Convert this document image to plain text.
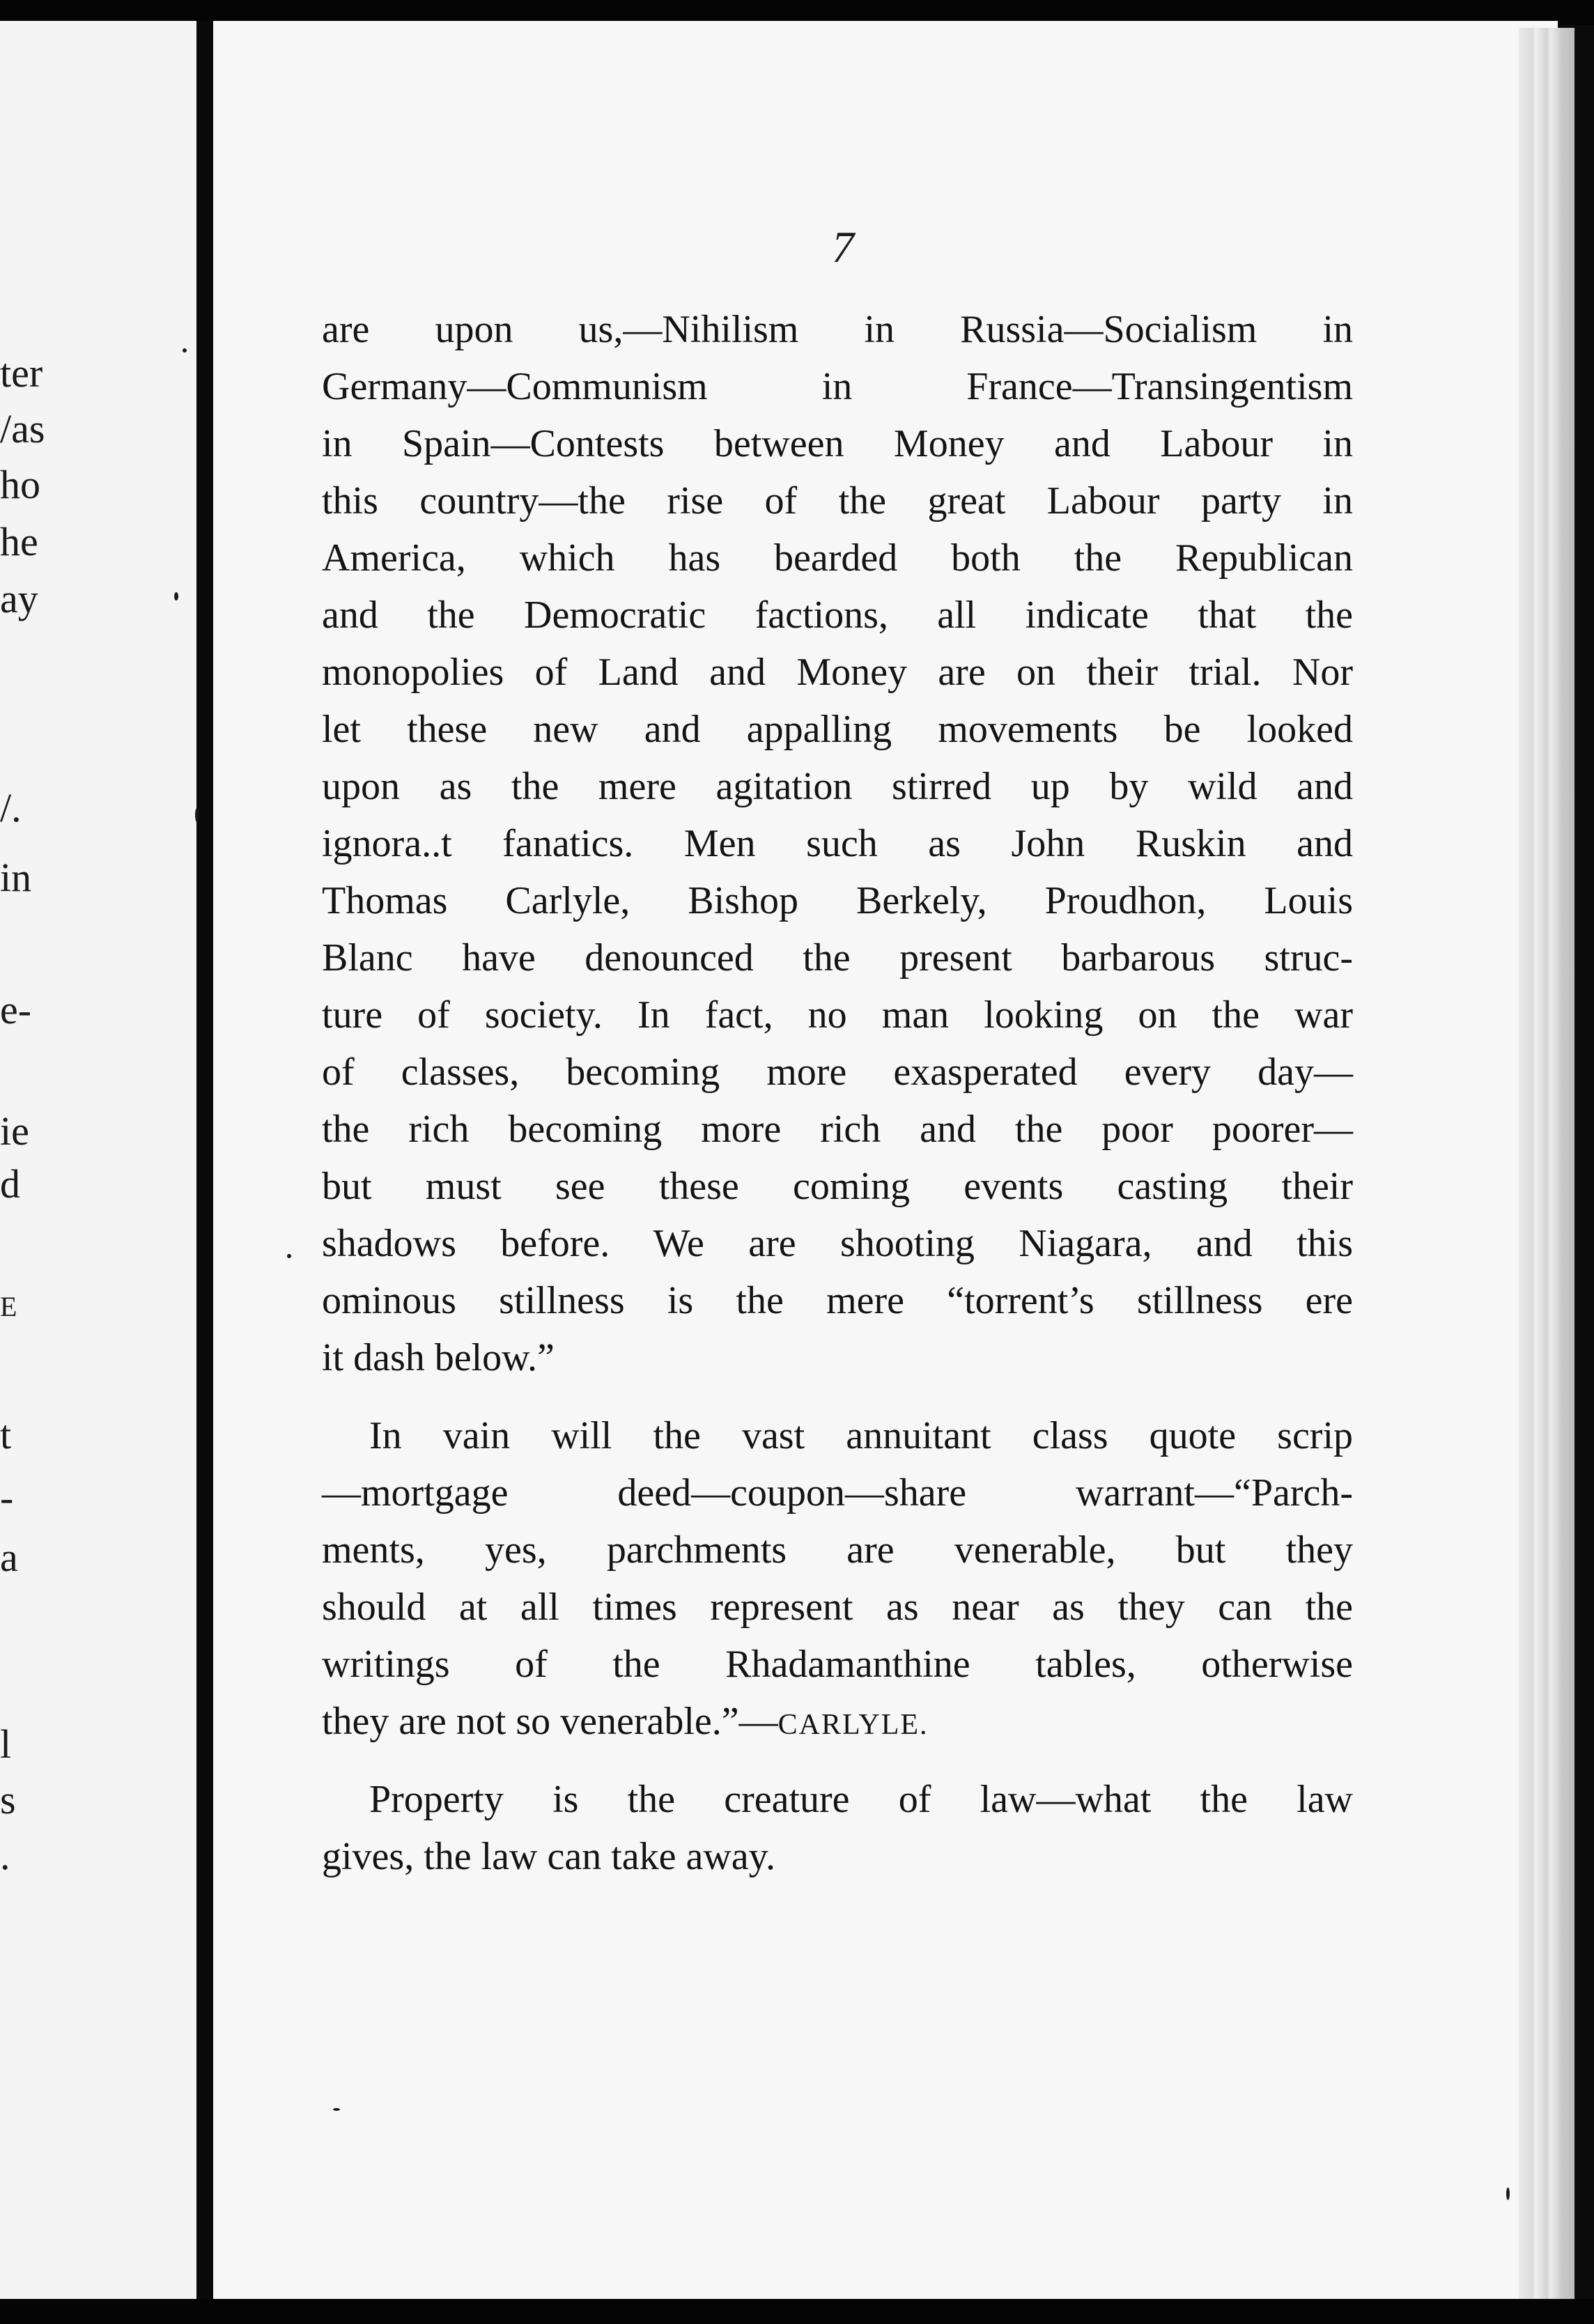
ter
/as
ho
he
ay
/.
in
e-
ie
d
E
t
-
a
l
s
.
7
are upon us,—Nihilism in Russia—Socialism in
Germany—Communism in France—Transingentism
in Spain—Contests between Money and Labour in
this country—the rise of the great Labour party in
America, which has bearded both the Republican
and the Democratic factions, all indicate that the
monopolies of Land and Money are on their trial. Nor
let these new and appalling movements be looked
upon as the mere agitation stirred up by wild and
ignora..t fanatics. Men such as John Ruskin and
Thomas Carlyle, Bishop Berkely, Proudhon, Louis
Blanc have denounced the present barbarous struc-
ture of society. In fact, no man looking on the war
of classes, becoming more exasperated every day—
the rich becoming more rich and the poor poorer—
but must see these coming events casting their
shadows before. We are shooting Niagara, and this
ominous stillness is the mere “torrent’s stillness ere
it dash below.”
In vain will the vast annuitant class quote scrip
—mortgage deed—coupon—share warrant—“Parch-
ments, yes, parchments are venerable, but they
should at all times represent as near as they can the
writings of the Rhadamanthine tables, otherwise
they are not so venerable.”—CARLYLE.
Property is the creature of law—what the law
gives, the law can take away.
